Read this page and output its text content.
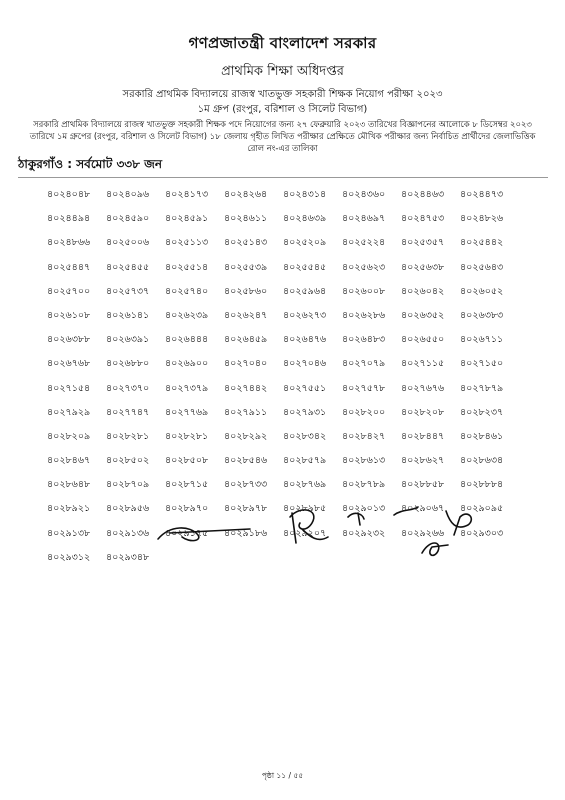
গণপ্রজাতন্ত্রী বাংলাদেশ সরকার
প্রাথমিক শিক্ষা অধিদপ্তর
সরকারি প্রাথমিক বিদ্যালয়ে রাজস্ব খাতভুক্ত সহকারী শিক্ষক নিয়োগ পরীক্ষা ২০২৩
১ম গ্রুপ (রংপুর, বরিশাল ও সিলেট বিভাগ)
সরকারি প্রাথমিক বিদ্যালয়ে রাজস্ব খাতভুক্ত সহকারী শিক্ষক পদে নিয়োগের জন্য ২৭ ফেব্রুয়ারি ২০২৩ তারিখের বিজ্ঞাপনের আলোকে ৮ ডিসেম্বর ২০২৩ তারিখে ১ম গ্রুপের (রংপুর, বরিশাল ও সিলেট বিভাগ) ১৮ জেলায় গৃহীত লিখিত পরীক্ষার প্রেক্ষিতে মৌখিক পরীক্ষার জন্য নির্বাচিত প্রার্থীদের জেলাভিত্তিক রোল নং-এর তালিকা
ঠাকুরগাঁও : সর্বমোট ৩৩৮ জন
৪০২৪০৪৮	৪০২৪০৯৬	৪০২৪১৭৩	৪০২৪২৬৪	৪০২৪৩১৪	৪০২৪৩৬০	৪০২৪৪৬৩	৪০২৪৪৭৩
৪০২৪৪৯৪	৪০২৪৫৯০	৪০২৪৫৯১	৪০২৪৬১১	৪০২৪৬৩৯	৪০২৪৬৯৭	৪০২৪৭৫৩	৪০২৪৮২৬
৪০২৪৮৬৬	৪০২৫০০৬	৪০২৫১১৩	৪০২৫১৪৩	৪০২৫২০৯	৪০২৫২২৪	৪০২৫৩৫৭	৪০২৫৪৪২
৪০২৫৪৪৭	৪০২৫৪৫৫	৪০২৫৫১৪	৪০২৫৫৩৯	৪০২৫৫৪৫	৪০২৫৬২৩	৪০২৫৬৩৮	৪০২৫৬৪৩
৪০২৫৭০০	৪০২৫৭৩৭	৪০২৫৭৪০	৪০২৫৮৬০	৪০২৫৯৬৪	৪০২৬০০৮	৪০২৬০৪২	৪০২৬০৫২
৪০২৬১০৮	৪০২৬১৪১	৪০২৬২৩৯	৪০২৬২৪৭	৪০২৬২৭৩	৪০২৬২৮৬	৪০২৬৩৫২	৪০২৬৩৮৩
৪০২৬৩৮৮	৪০২৬৩৯১	৪০২৬৪৪৪	৪০২৬৪৫৯	৪০২৬৪৭৬	৪০২৬৪৮৩	৪০২৬৫৫০	৪০২৬৭১১
৪০২৬৭৬৮	৪০২৬৮৮০	৪০২৬৯০০	৪০২৭০৪০	৪০২৭০৪৬	৪০২৭০৭৯	৪০২৭১১৫	৪০২৭১৫০
৪০২৭১৫৪	৪০২৭৩৭০	৪০২৭৩৭৯	৪০২৭৪৪২	৪০২৭৫৫১	৪০২৭৫৭৮	৪০২৭৬৭৬	৪০২৭৮৭৯
৪০২৭৯২৯	৪০২৭৭৪৭	৪০২৭৭৬৯	৪০২৭৯১১	৪০২৭৯৩১	৪০২৮২০০	৪০২৮২০৮	৪০২৮২৩৭
৪০২৮২০৯	৪০২৮২৮১	৪০২৮২৮১	৪০২৮২৯২	৪০২৮৩৪২	৪০২৮৪২৭	৪০২৮৪৪৭	৪০২৮৪৬১
৪০২৮৪৬৭	৪০২৮৫০২	৪০২৮৫০৮	৪০২৮৫৪৬	৪০২৮৫৭৯	৪০২৮৬১৩	৪০২৮৬২৭	৪০২৮৬৩৪
৪০২৮৬৪৮	৪০২৮৭০৯	৪০২৮৭১৫	৪০২৮৭৩৩	৪০২৮৭৬৯	৪০২৮৭৮৯	৪০২৮৮৫৮	৪০২৮৮৮৪
৪০২৮৯২১	৪০২৮৯৫৬	৪০২৮৯৭০	৪০২৮৯৭৮	৪০২৮৯৮৫	৪০২৯০১৩	৪০২৯০৬৭	৪০২৯০৯৫
৪০২৯১৩৮	৪০২৯১৩৬	৪০২৯১৭৫	৪০২৯১৮৬	৪০২৯২০৭	৪০২৯২৩২	৪০২৯২৬৬	৪০২৯৩০৩
৪০২৯৩১২	৪০২৯৩৪৮
পৃষ্ঠা ১১ / ৫৫
